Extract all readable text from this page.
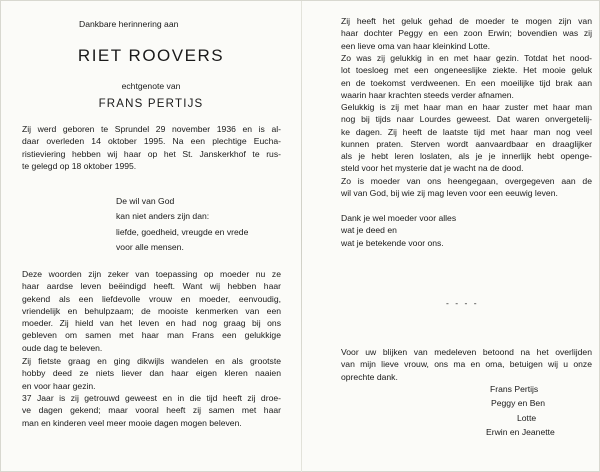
Dankbare herinnering aan
RIET ROOVERS
echtgenote van
FRANS PERTIJS
Zij werd geboren te Sprundel 29 november 1936 en is al-
daar overleden 14 oktober 1995. Na een plechtige Eucha-
ristieviering hebben wij haar op het St. Janskerkhof te rus-
te gelegd op 18 oktober 1995.
De wil van God
kan niet anders zijn dan:
liefde, goedheid, vreugde en vrede
voor alle mensen.
Deze woorden zijn zeker van toepassing op moeder nu ze
haar aardse leven beëindigd heeft. Want wij hebben haar
gekend als een liefdevolle vrouw en moeder, eenvoudig,
vriendelijk en behulpzaam; de mooiste kenmerken van een
moeder. Zij hield van het leven en had nog graag bij ons
gebleven om samen met haar man Frans een gelukkige
oude dag te beleven.
Zij fietste graag en ging dikwijls wandelen en als grootste
hobby deed ze niets liever dan haar eigen kleren naaien
en voor haar gezin.
37 Jaar is zij getrouwd geweest en in die tijd heeft zij droe-
ve dagen gekend; maar vooral heeft zij samen met haar
man en kinderen veel meer mooie dagen mogen beleven.
Zij heeft het geluk gehad de moeder te mogen zijn van
haar dochter Peggy en een zoon Erwin; bovendien was zij
een lieve oma van haar kleinkind Lotte.
Zo was zij gelukkig in en met haar gezin. Totdat het nood-
lot toesloeg met een ongeneeslijke ziekte. Het mooie geluk
en de toekomst verdweenen. En een moeilijke tijd brak aan
waarin haar krachten steeds verder afnamen.
Gelukkig is zij met haar man en haar zuster met haar man
nog bij tijds naar Lourdes geweest. Dat waren onvergetelij-
ke dagen. Zij heeft de laatste tijd met haar man nog veel
kunnen praten. Sterven wordt aanvaardbaar en draaglijker
als je hebt leren loslaten, als je je innerlijk hebt openge-
steld voor het mysterie dat je wacht na de dood.
Zo is moeder van ons heengegaan, overgegeven aan de
wil van God, bij wie zij mag leven voor een eeuwig leven.
Dank je wel moeder voor alles
wat je deed en
wat je betekende voor ons.
- - - -
Voor uw blijken van medeleven betoond na het overlijden
van mijn lieve vrouw, ons ma en oma, betuigen wij u onze
oprechte dank.
Frans Pertijs
Peggy en Ben
Lotte
Erwin en Jeanette
